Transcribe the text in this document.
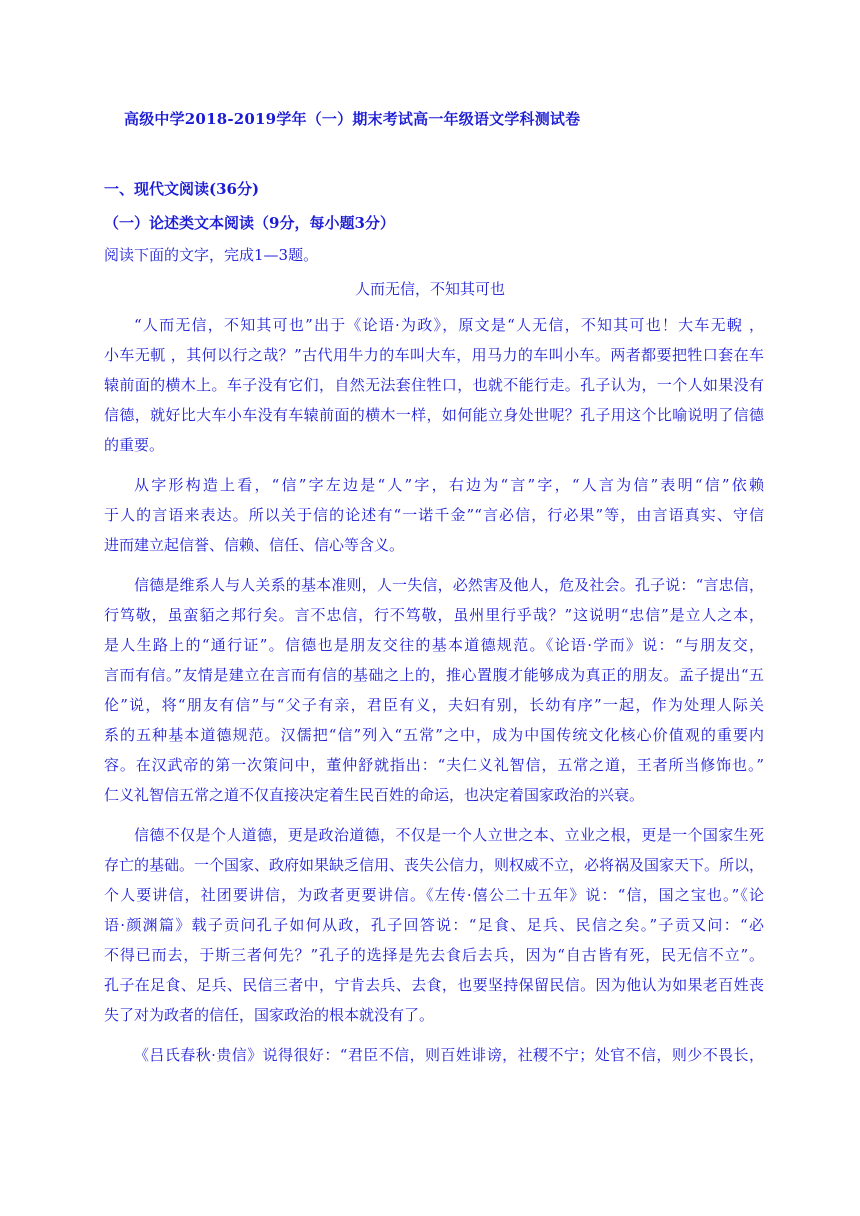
高级中学2018-2019学年（一）期末考试高一年级语文学科测试卷
一、现代文阅读(36分)
（一）论述类文本阅读（9分，每小题3分）
阅读下面的文字，完成1—3题。
人而无信，不知其可也
“人而无信，不知其可也”出于《论语·为政》，原文是“人无信，不知其可也！大车无輗 ，
小车无軏 ，其何以行之哉？”古代用牛力的车叫大车，用马力的车叫小车。两者都要把牲口套在车
辕前面的横木上。车子没有它们，自然无法套住牲口，也就不能行走。孔子认为，一个人如果没有
信德，就好比大车小车没有车辕前面的横木一样，如何能立身处世呢？孔子用这个比喻说明了信德
的重要。
从字形构造上看，“信”字左边是“人”字，右边为“言”字，“人言为信”表明“信”依赖
于人的言语来表达。所以关于信的论述有“一诺千金”“言必信，行必果”等，由言语真实、守信
进而建立起信誉、信赖、信任、信心等含义。
信德是维系人与人关系的基本准则，人一失信，必然害及他人，危及社会。孔子说：“言忠信，
行笃敬，虽蛮貊之邦行矣。言不忠信，行不笃敬，虽州里行乎哉？”这说明“忠信”是立人之本，
是人生路上的“通行证”。信德也是朋友交往的基本道德规范。《论语·学而》说：“与朋友交，
言而有信。”友情是建立在言而有信的基础之上的，推心置腹才能够成为真正的朋友。孟子提出“五
伦”说，将“朋友有信”与“父子有亲，君臣有义，夫妇有别，长幼有序”一起，作为处理人际关
系的五种基本道德规范。汉儒把“信”列入“五常”之中，成为中国传统文化核心价值观的重要内
容。在汉武帝的第一次策问中，董仲舒就指出：“夫仁义礼智信，五常之道，王者所当修饰也。”
仁义礼智信五常之道不仅直接决定着生民百姓的命运，也决定着国家政治的兴衰。
信德不仅是个人道德，更是政治道德，不仅是一个人立世之本、立业之根，更是一个国家生死
存亡的基础。一个国家、政府如果缺乏信用、丧失公信力，则权威不立，必将祸及国家天下。所以，
个人要讲信，社团要讲信，为政者更要讲信。《左传·僖公二十五年》说：“信，国之宝也。”《论
语·颜渊篇》载子贡问孔子如何从政，孔子回答说：“足食、足兵、民信之矣。”子贡又问：“必
不得已而去，于斯三者何先？”孔子的选择是先去食后去兵，因为“自古皆有死，民无信不立”。
孔子在足食、足兵、民信三者中，宁肯去兵、去食，也要坚持保留民信。因为他认为如果老百姓丧
失了对为政者的信任，国家政治的根本就没有了。
《吕氏春秋·贵信》说得很好：“君臣不信，则百姓诽谤，社稷不宁；处官不信，则少不畏长，
